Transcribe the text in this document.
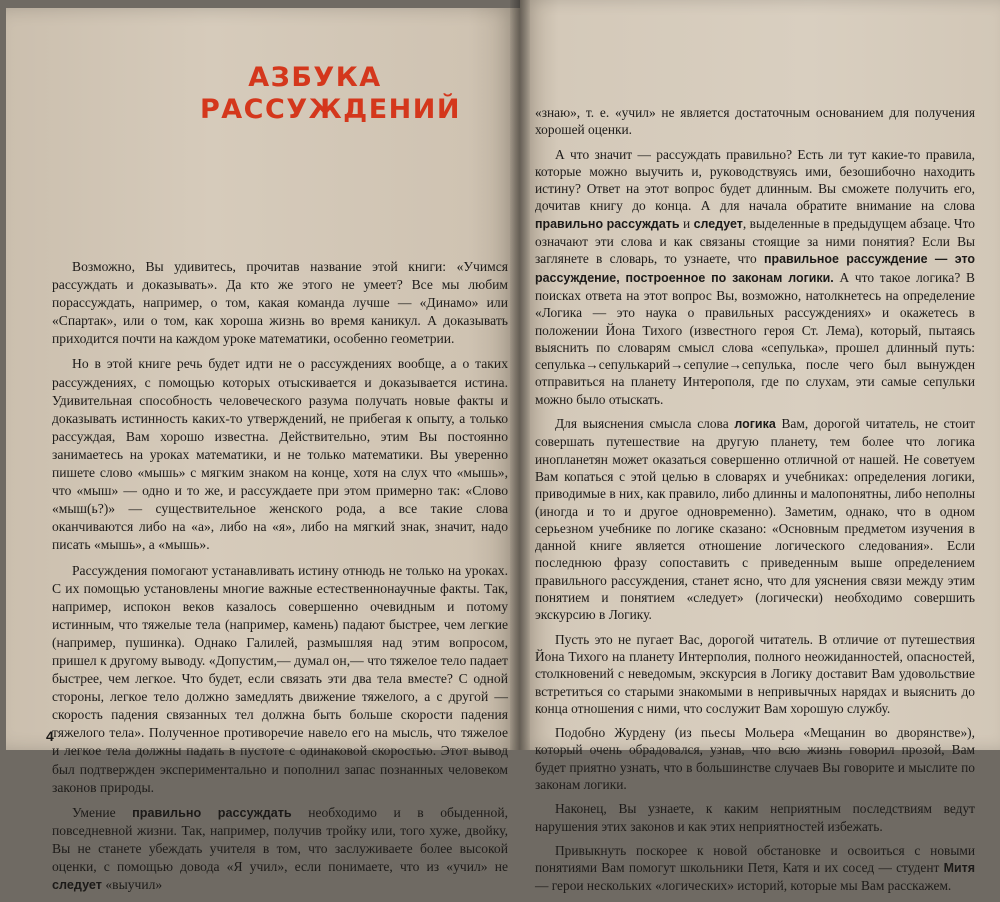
АЗБУКА
РАССУЖДЕНИЙ

Возможно, Вы удивитесь, прочитав название этой книги: «Учимся рассуждать и доказывать». Да кто же этого не умеет? Все мы любим порассуждать, например, о том, какая команда лучше — «Динамо» или «Спартак», или о том, как хороша жизнь во время каникул. А доказывать приходится почти на каждом уроке математики, особенно геометрии.

Но в этой книге речь будет идти не о рассуждениях вообще, а о таких рассуждениях, с помощью которых отыскивается и доказывается истина. Удивительная способность человеческого разума получать новые факты и доказывать истинность каких-то утверждений, не прибегая к опыту, а только рассуждая, Вам хорошо известна. Действительно, этим Вы постоянно занимаетесь на уроках математики, и не только математики. Вы уверенно пишете слово «мышь» с мягким знаком на конце, хотя на слух что «мышь», что «мыш» — одно и то же, и рассуждаете при этом примерно так: «Слово «мыш(ь?)» — существительное женского рода, а все такие слова оканчиваются либо на «а», либо на «я», либо на мягкий знак, значит, надо писать «мышь», а «мышь».

Рассуждения помогают устанавливать истину отнюдь не только на уроках. С их помощью установлены многие важные естественнонаучные факты. Так, например, испокон веков казалось совершенно очевидным и потому истинным, что тяжелые тела (например, камень) падают быстрее, чем легкие (например, пушинка). Однако Галилей, размышляя над этим вопросом, пришел к другому выводу. «Допустим,— думал он,— что тяжелое тело падает быстрее, чем легкое. Что будет, если связать эти два тела вместе? С одной стороны, легкое тело должно замедлять движение тяжелого, а с другой — скорость падения связанных тел должна быть больше скорости падения тяжелого тела». Полученное противоречие навело его на мысль, что тяжелое и легкое тела должны падать в пустоте с одинаковой скоростью. Этот вывод был подтвержден экспериментально и пополнил запас познанных человеком законов природы.

Умение правильно рассуждать необходимо и в обыденной, повседневной жизни. Так, например, получив тройку или, того хуже, двойку, Вы не станете убеждать учителя в том, что заслуживаете более высокой оценки, с помощью довода «Я учил», если понимаете, что из «учил» не следует «выучил»

4

«знаю», т. е. «учил» не является достаточным основанием для получения хорошей оценки.

А что значит — рассуждать правильно? Есть ли тут какие-то правила, которые можно выучить и, руководствуясь ими, безошибочно находить истину? Ответ на этот вопрос будет длинным. Вы сможете получить его, дочитав книгу до конца. А для начала обратите внимание на слова правильно рассуждать и следует, выделенные в предыдущем абзаце. Что означают эти слова и как связаны стоящие за ними понятия? Если Вы заглянете в словарь, то узнаете, что правильное рассуждение — это рассуждение, построенное по законам логики. А что такое логика? В поисках ответа на этот вопрос Вы, возможно, натолкнетесь на определение «Логика — это наука о правильных рассуждениях» и окажетесь в положении Йона Тихого (известного героя Ст. Лема), который, пытаясь выяснить по словарям смысл слова «сепулька», прошел длинный путь: сепулька→сепулькарий→сепулие→сепулька, после чего был вынужден отправиться на планету Интерополя, где по слухам, эти самые сепульки можно было отыскать.

Для выяснения смысла слова логика Вам, дорогой читатель, не стоит совершать путешествие на другую планету, тем более что логика инопланетян может оказаться совершенно отличной от нашей. Не советуем Вам копаться с этой целью в словарях и учебниках: определения логики, приводимые в них, как правило, либо длинны и малопонятны, либо неполны (иногда и то и другое одновременно). Заметим, однако, что в одном серьезном учебнике по логике сказано: «Основным предметом изучения в данной книге является отношение логического следования». Если последнюю фразу сопоставить с приведенным выше определением правильного рассуждения, станет ясно, что для уяснения связи между этим понятием и понятием «следует» (логически) необходимо совершить экскурсию в Логику.

Пусть это не пугает Вас, дорогой читатель. В отличие от путешествия Йона Тихого на планету Интерполия, полного неожиданностей, опасностей, столкновений с неведомым, экскурсия в Логику доставит Вам удовольствие встретиться со старыми знакомыми в непривычных нарядах и выяснить до конца отношения с ними, что сослужит Вам хорошую службу.

Подобно Журдену (из пьесы Мольера «Мещанин во дворянстве»), который очень обрадовался, узнав, что всю жизнь говорил прозой, Вам будет приятно узнать, что в большинстве случаев Вы говорите и мыслите по законам логики.

Наконец, Вы узнаете, к каким неприятным последствиям ведут нарушения этих законов и как этих неприятностей избежать.

Привыкнуть поскорее к новой обстановке и освоиться с новыми понятиями Вам помогут школьники Петя, Катя и их сосед — студент Митя — герои нескольких «логических» историй, которые мы Вам расскажем.
